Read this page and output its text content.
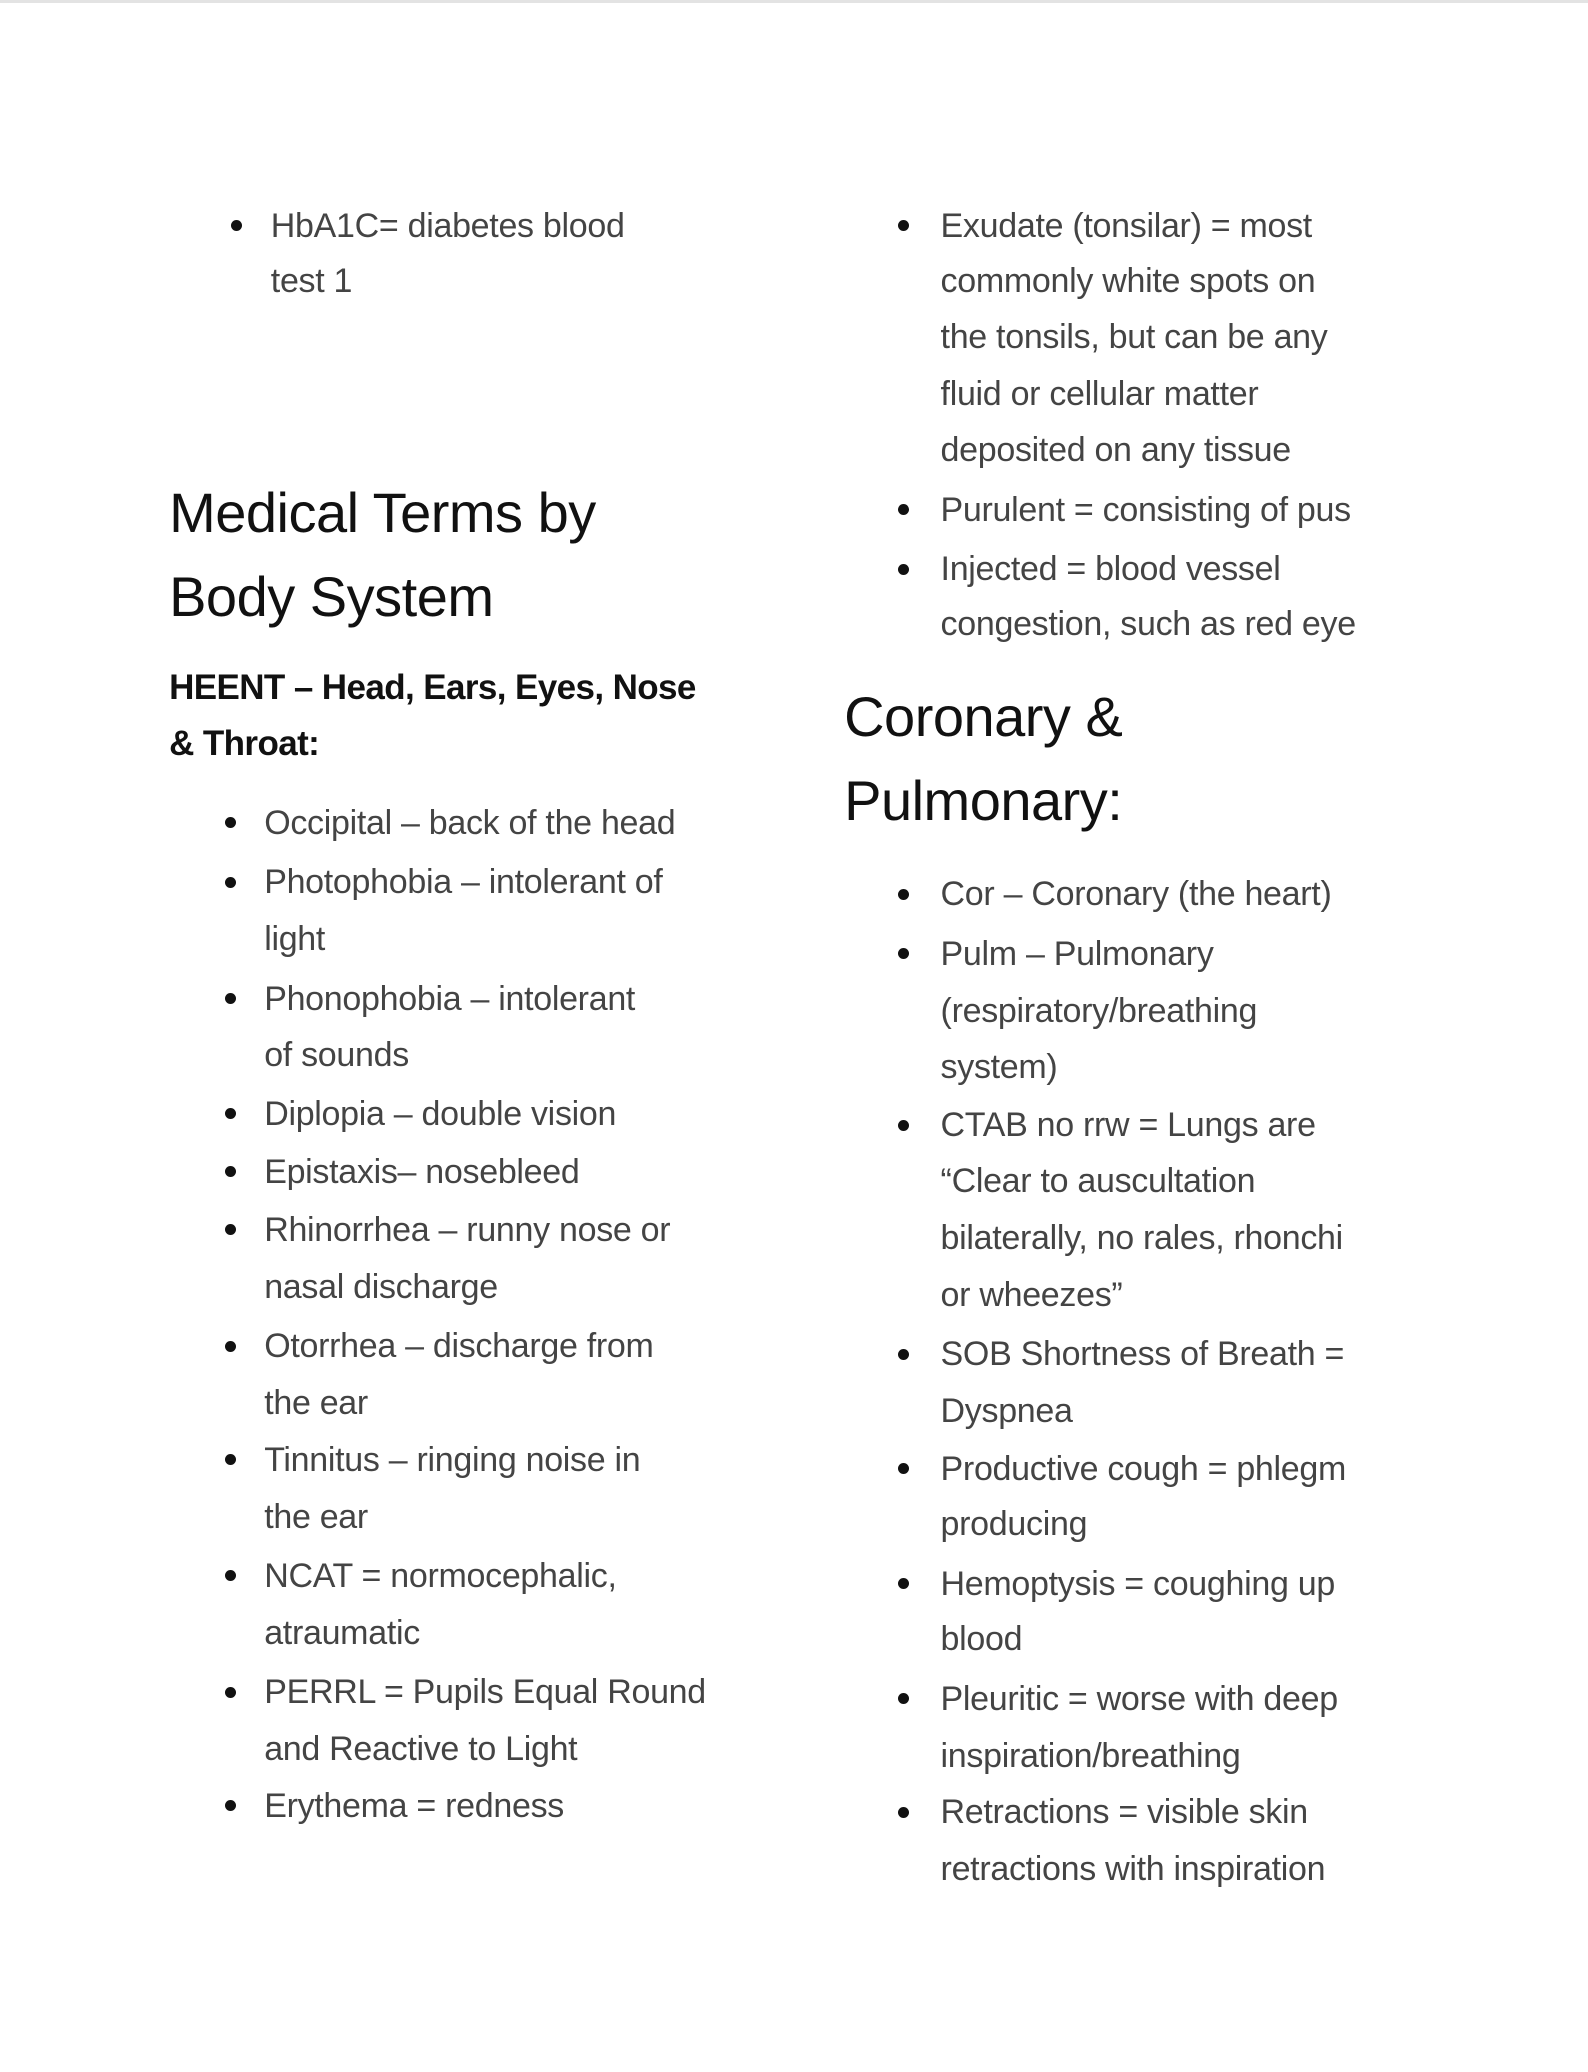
HbA1C= diabetes blood
test 1
Medical Terms by
Body System
HEENT – Head, Ears, Eyes, Nose
& Throat:
Occipital – back of the head
Photophobia – intolerant of
light
Phonophobia – intolerant
of sounds
Diplopia – double vision
Epistaxis– nosebleed
Rhinorrhea – runny nose or
nasal discharge
Otorrhea – discharge from
the ear
Tinnitus – ringing noise in
the ear
NCAT = normocephalic,
atraumatic
PERRL = Pupils Equal Round
and Reactive to Light
Erythema = redness
Exudate (tonsilar) = most
commonly white spots on
the tonsils, but can be any
fluid or cellular matter
deposited on any tissue
Purulent = consisting of pus
Injected = blood vessel
congestion, such as red eye
Coronary &
Pulmonary:
Cor – Coronary (the heart)
Pulm – Pulmonary
(respiratory/breathing
system)
CTAB no rrw = Lungs are
“Clear to auscultation
bilaterally, no rales, rhonchi
or wheezes”
SOB Shortness of Breath =
Dyspnea
Productive cough = phlegm
producing
Hemoptysis = coughing up
blood
Pleuritic = worse with deep
inspiration/breathing
Retractions = visible skin
retractions with inspiration
